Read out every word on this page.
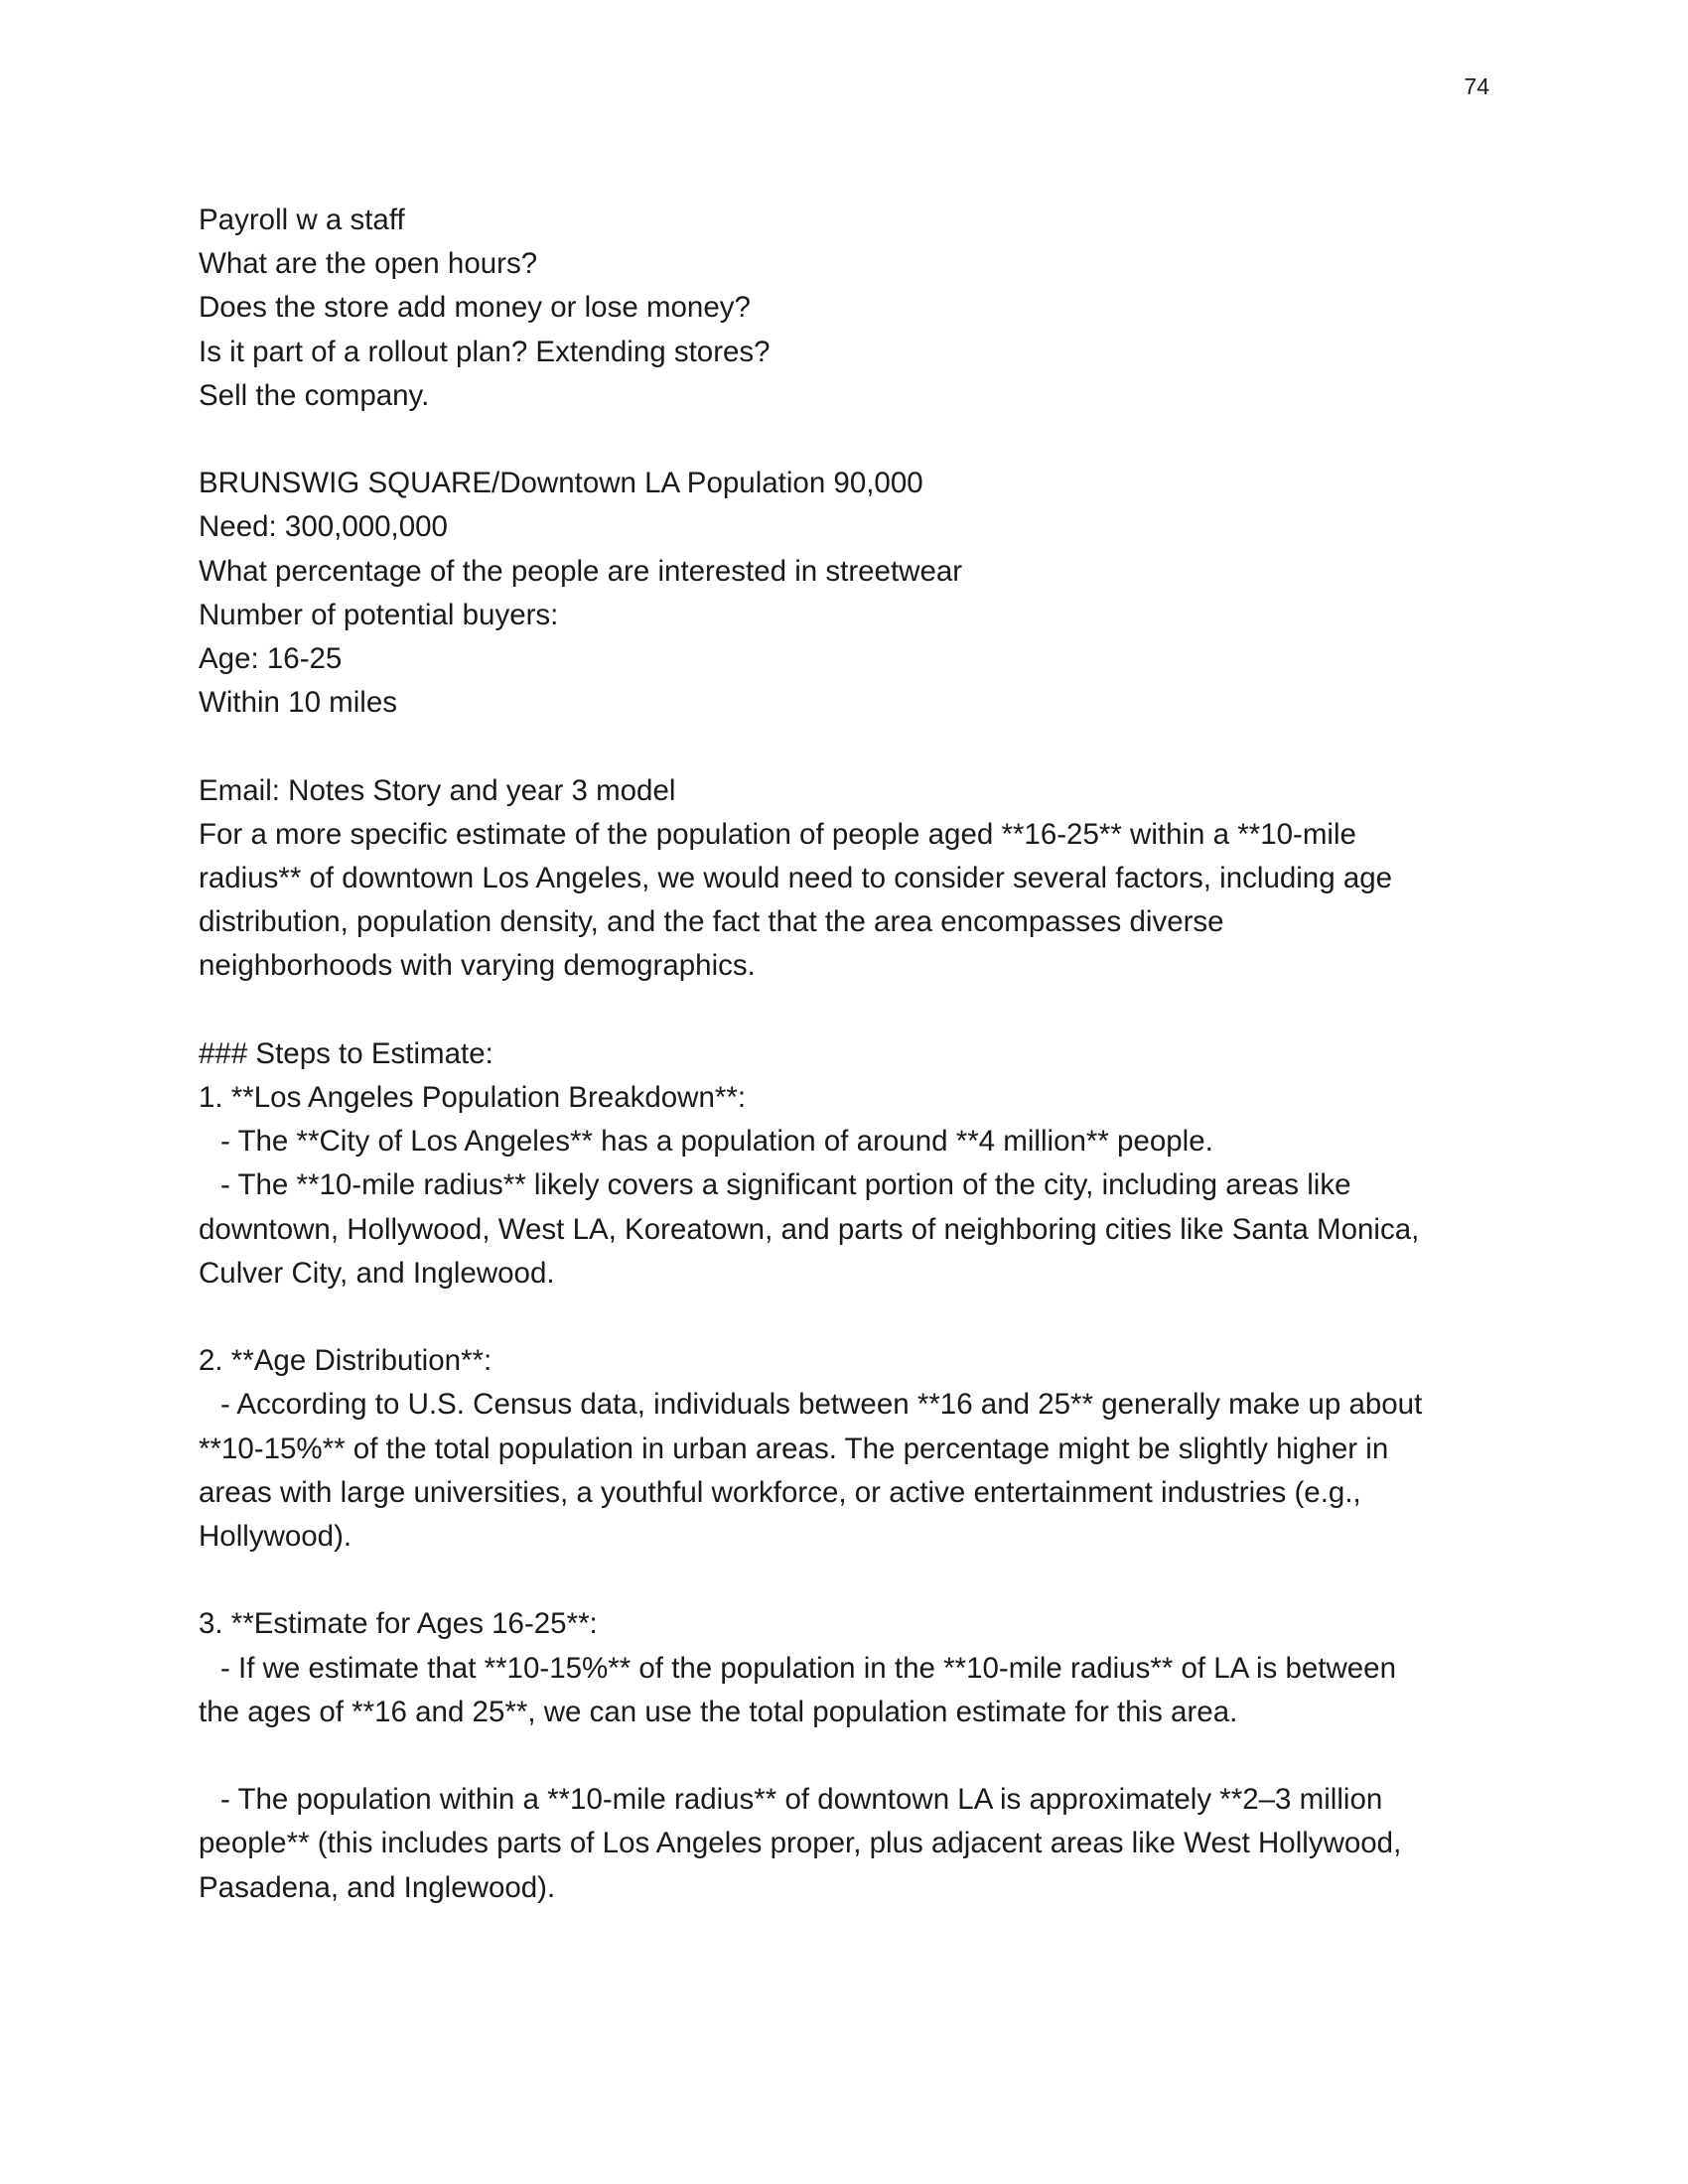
74
Payroll w a staff
What are the open hours?
Does the store add money or lose money?
Is it part of a rollout plan? Extending stores?
Sell the company.
BRUNSWIG SQUARE/Downtown LA Population 90,000
Need: 300,000,000
What percentage of the people are interested in streetwear
Number of potential buyers:
Age: 16-25
Within 10 miles
Email: Notes Story and year 3 model
For a more specific estimate of the population of people aged **16-25** within a **10-mile
radius** of downtown Los Angeles, we would need to consider several factors, including age
distribution, population density, and the fact that the area encompasses diverse
neighborhoods with varying demographics.
### Steps to Estimate:
1. **Los Angeles Population Breakdown**:
- The **City of Los Angeles** has a population of around **4 million** people.
- The **10-mile radius** likely covers a significant portion of the city, including areas like
downtown, Hollywood, West LA, Koreatown, and parts of neighboring cities like Santa Monica,
Culver City, and Inglewood.
2. **Age Distribution**:
- According to U.S. Census data, individuals between **16 and 25** generally make up about
**10-15%** of the total population in urban areas. The percentage might be slightly higher in
areas with large universities, a youthful workforce, or active entertainment industries (e.g.,
Hollywood).
3. **Estimate for Ages 16-25**:
- If we estimate that **10-15%** of the population in the **10-mile radius** of LA is between
the ages of **16 and 25**, we can use the total population estimate for this area.
- The population within a **10-mile radius** of downtown LA is approximately **2–3 million
people** (this includes parts of Los Angeles proper, plus adjacent areas like West Hollywood,
Pasadena, and Inglewood).
